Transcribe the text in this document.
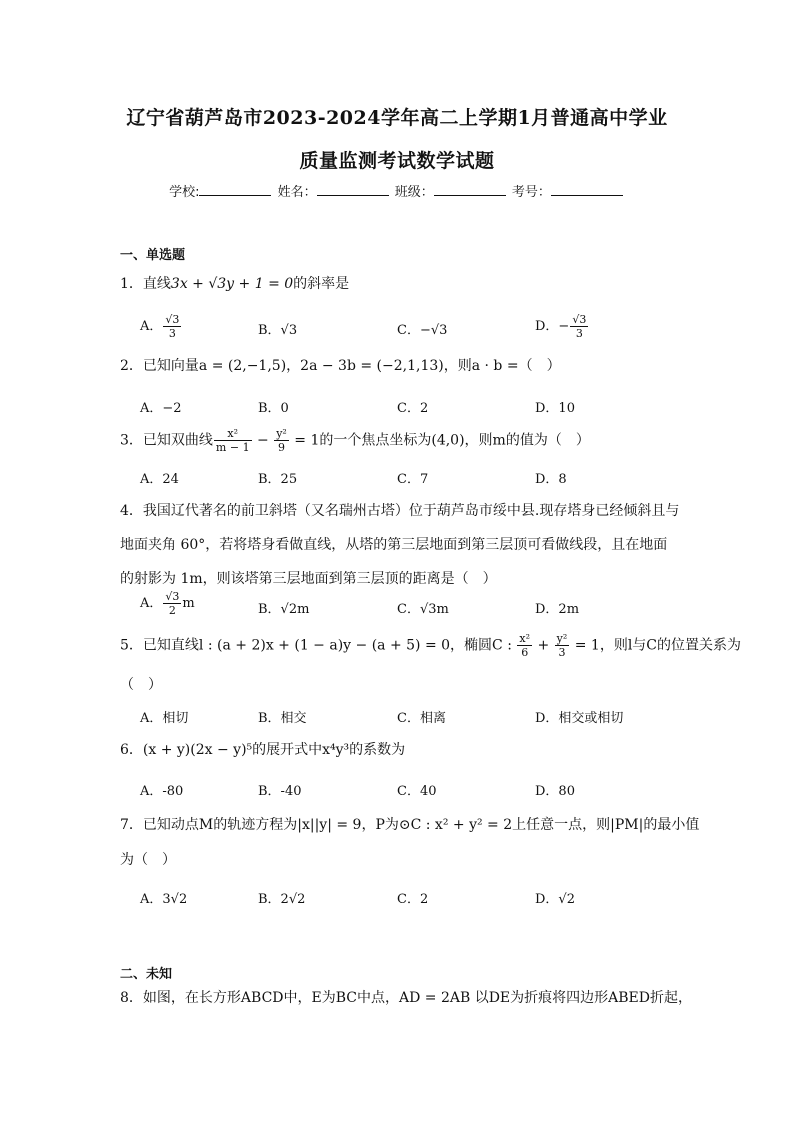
辽宁省葫芦岛市2023-2024学年高二上学期1月普通高中学业
质量监测考试数学试题
学校:	姓名：	班级：	考号：
一、单选题
1．直线3x + √3y + 1 = 0的斜率是
A． $\frac{√3}{3}$	B．√3	C．−√3	D．− $\frac{√3}{3}$
2．已知向量a = (2,−1,5)，2a − 3b = (−2,1,13)，则a · b =（　）
A．−2	B．0	C．2	D．10
3．已知双曲线 $\frac{\text{x²}}{m - 1} - \frac{\text{y²}}{9} = 1$的一个焦点坐标为(4,0)，则m的值为（　）
A．24	B．25	C．7	D．8
4．我国辽代著名的前卫斜塔（又名瑞州古塔）位于葫芦岛市绥中县.现存塔身已经倾斜且与地面夹角 60°，若将塔身看做直线，从塔的第三层地面到第三层顶可看做线段，且在地面的射影为 1m，则该塔第三层地面到第三层顶的距离是（　）
A． $\frac{√3}{2}$ m	B．√2m	C．√3m	D．2m
5．已知直线l : (a + 2)x + (1 − a)y − (a + 5) = 0，椭圆C : $\frac{\text{x²}}{6} + \frac{\text{y²}}{3} = 1$，则l与C的位置关系为
（　）
A．相切	B．相交	C．相离	D．相交或相切
6．(x + y)(2x − y)⁵的展开式中x⁴y³的系数为
A．-80	B．-40	C．40	D．80
7．已知动点M的轨迹方程为|x||y| = 9，P为⊙C : x² + y² = 2上任意一点，则|PM|的最小值
为（　）
A．3√2	B．2√2	C．2	D．√2
二、未知
8．如图，在长方形ABCD中，E为BC中点，AD = 2AB 以DE为折痕将四边形ABED折起，
